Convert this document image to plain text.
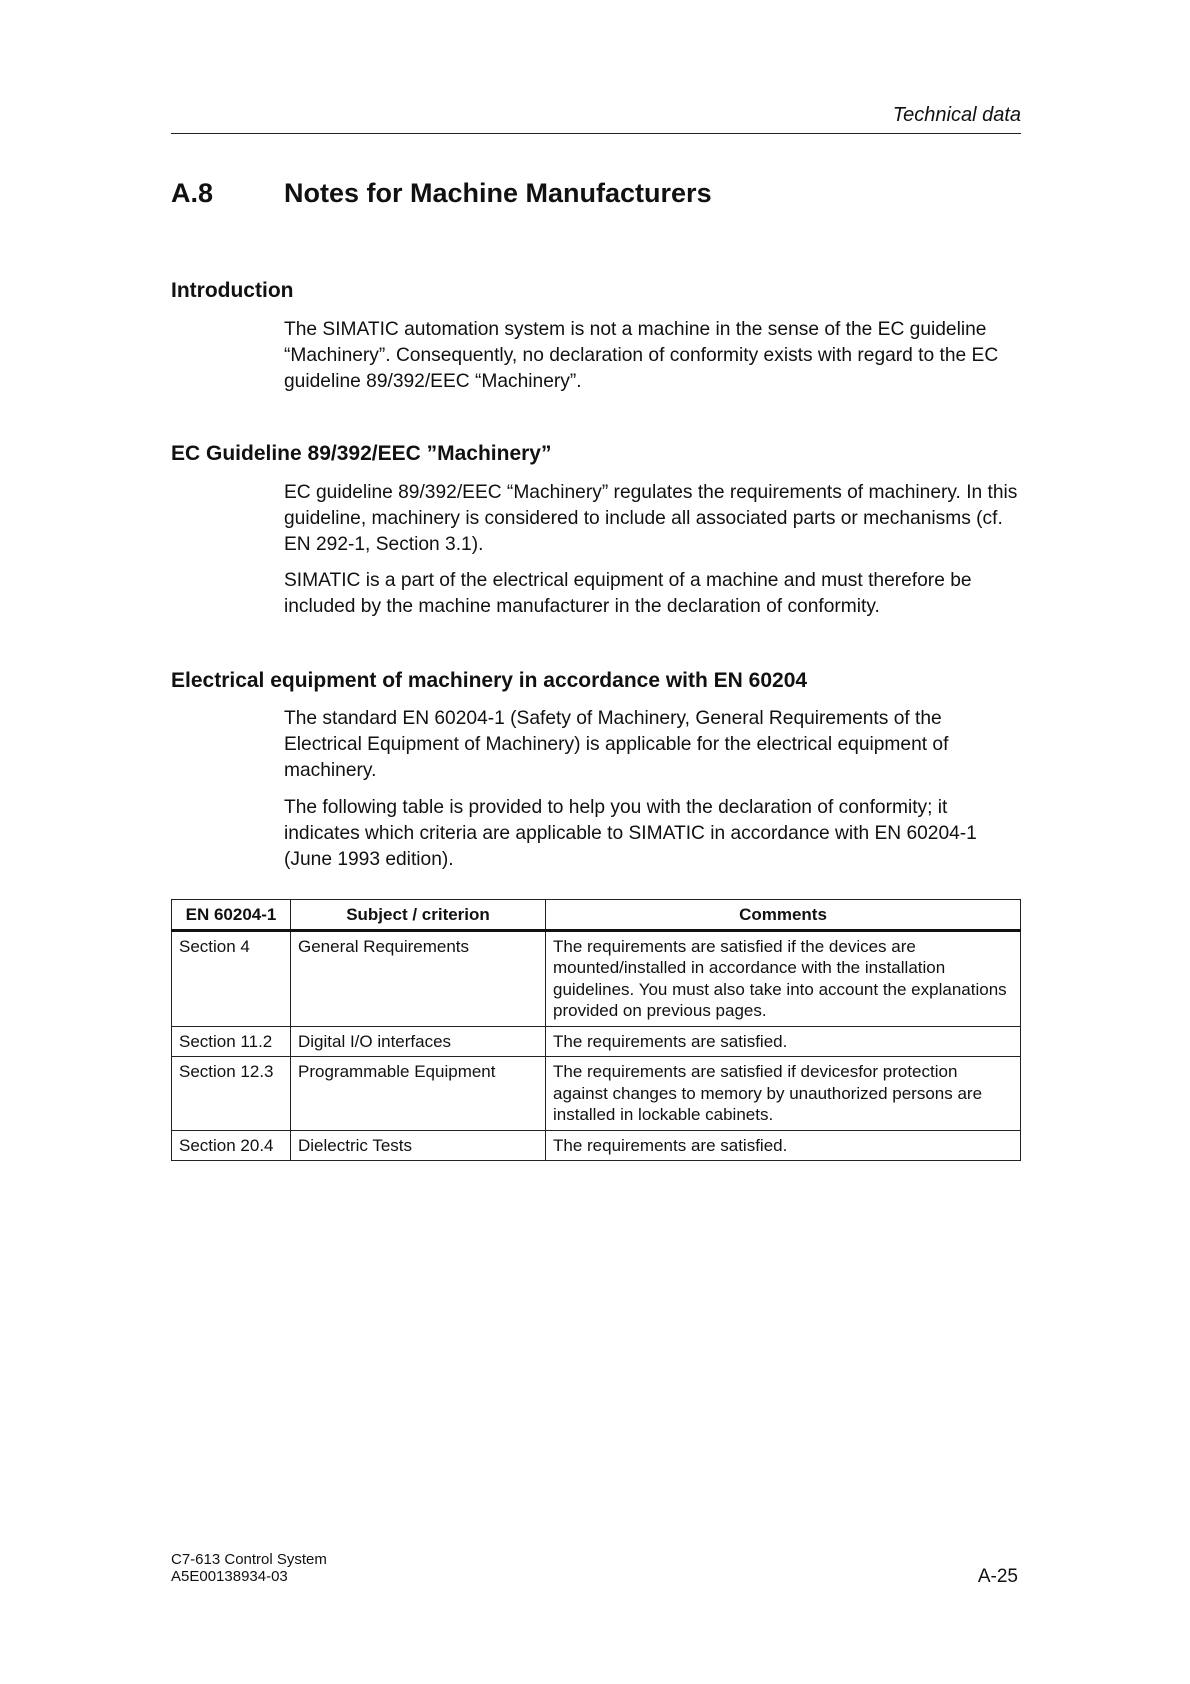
Technical data
A.8	Notes for Machine Manufacturers
Introduction

The SIMATIC automation system is not a machine in the sense of the EC guideline “Machinery”. Consequently, no declaration of conformity exists with regard to the EC guideline 89/392/EEC “Machinery”.

EC Guideline 89/392/EEC ”Machinery”

EC guideline 89/392/EEC “Machinery” regulates the requirements of machinery. In this guideline, machinery is considered to include all associated parts or mechanisms (cf. EN 292-1, Section 3.1).

SIMATIC is a part of the electrical equipment of a machine and must therefore be included by the machine manufacturer in the declaration of conformity.

Electrical equipment of machinery in accordance with EN 60204

The standard EN 60204-1 (Safety of Machinery, General Requirements of the Electrical Equipment of Machinery) is applicable for the electrical equipment of machinery.

The following table is provided to help you with the declaration of conformity; it indicates which criteria are applicable to SIMATIC in accordance with EN 60204-1 (June 1993 edition).

EN 60204-1	Subject / criterion	Comments
Section 4	General Requirements	The requirements are satisfied if the devices are mounted/installed in accordance with the installation guidelines. You must also take into account the explanations provided on previous pages.
Section 11.2	Digital I/O interfaces	The requirements are satisfied.
Section 12.3	Programmable Equipment	The requirements are satisfied if devicesfor protection against changes to memory by unauthorized persons are installed in lockable cabinets.
Section 20.4	Dielectric Tests	The requirements are satisfied.
C7-613 Control System
A5E00138934-03	A-25
